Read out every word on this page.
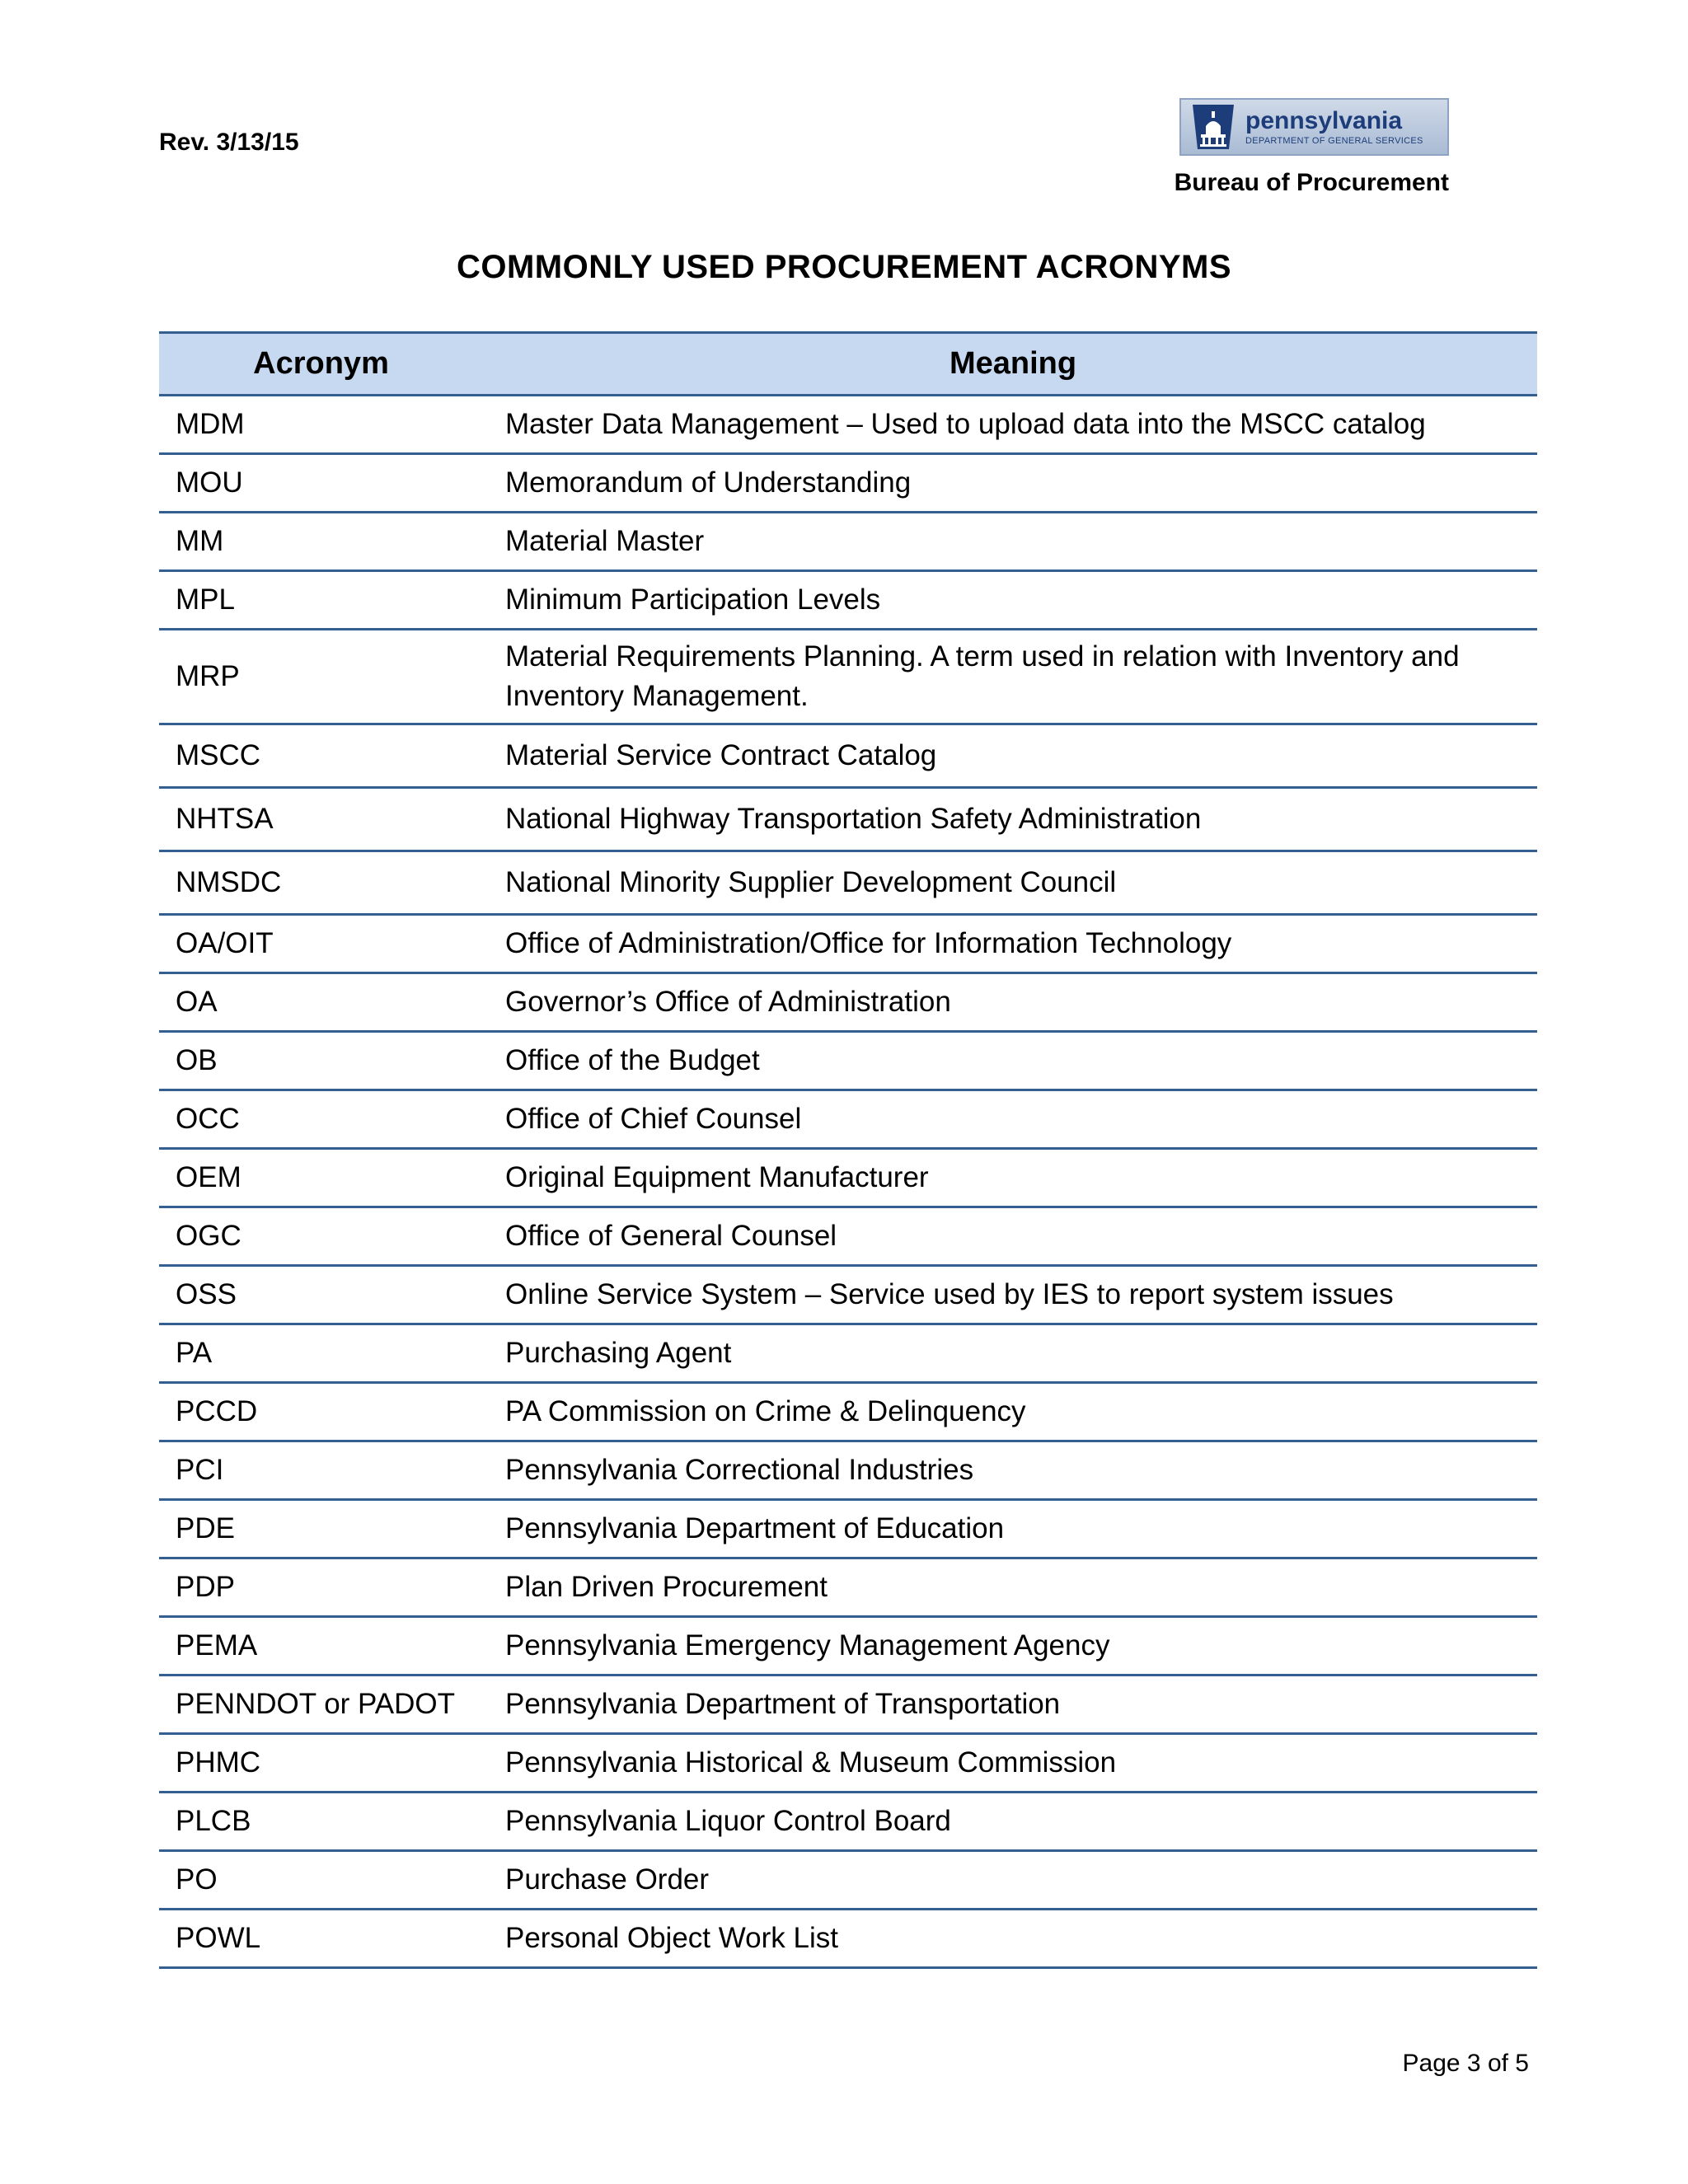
Rev. 3/13/15
pennsylvania
DEPARTMENT OF GENERAL SERVICES
Bureau of Procurement
COMMONLY USED PROCUREMENT ACRONYMS
Acronym	Meaning
MDM	Master Data Management – Used to upload data into the MSCC catalog
MOU	Memorandum of Understanding
MM	Material Master
MPL	Minimum Participation Levels
MRP	Material Requirements Planning. A term used in relation with Inventory and Inventory Management.
MSCC	Material Service Contract Catalog
NHTSA	National Highway Transportation Safety Administration
NMSDC	National Minority Supplier Development Council
OA/OIT	Office of Administration/Office for Information Technology
OA	Governor’s Office of Administration
OB	Office of the Budget
OCC	Office of Chief Counsel
OEM	Original Equipment Manufacturer
OGC	Office of General Counsel
OSS	Online Service System – Service used by IES to report system issues
PA	Purchasing Agent
PCCD	PA Commission on Crime & Delinquency
PCI	Pennsylvania Correctional Industries
PDE	Pennsylvania Department of Education
PDP	Plan Driven Procurement
PEMA	Pennsylvania Emergency Management Agency
PENNDOT or PADOT	Pennsylvania Department of Transportation
PHMC	Pennsylvania Historical & Museum Commission
PLCB	Pennsylvania Liquor Control Board
PO	Purchase Order
POWL	Personal Object Work List
Page 3 of 5
